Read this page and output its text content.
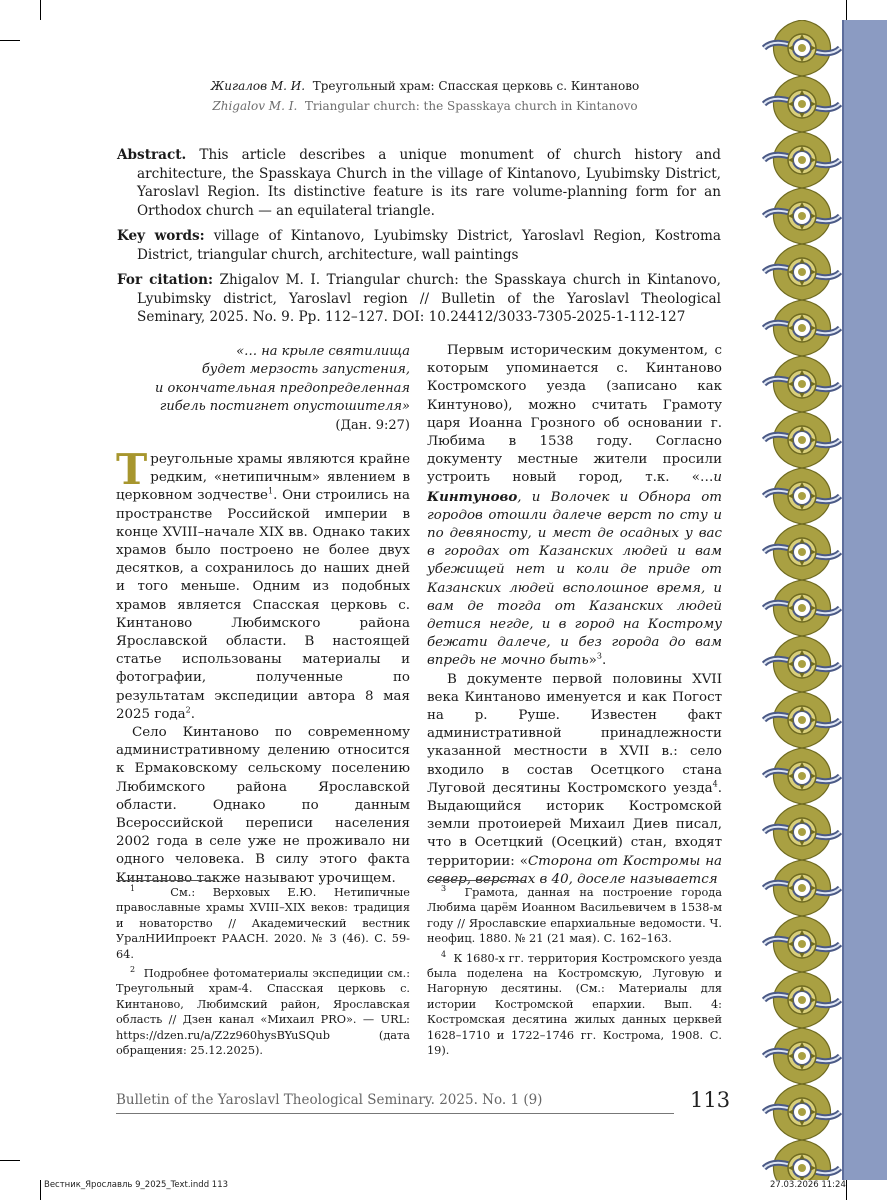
Жигалов М. И. Треугольный храм: Спасская церковь с. Кинтаново
Zhigalov M. I. Triangular church: the Spasskaya church in Kintanovo

Abstract. This article describes a unique monument of church history and architecture, the Spasskaya Church in the village of Kintanovo, Lyubimsky District, Yaroslavl Region. Its distinctive feature is its rare volume-planning form for an Orthodox church — an equilateral triangle.

Key words: village of Kintanovo, Lyubimsky District, Yaroslavl Region, Kostroma District, triangular church, architecture, wall paintings

For citation: Zhigalov M. I. Triangular church: the Spasskaya church in Kintanovo, Lyubimsky district, Yaroslavl region // Bulletin of the Yaroslavl Theological Seminary, 2025. No. 9. Pp. 112–127. DOI: 10.24412/3033-7305-2025-1-112-127

«… на крыле святилища
будет мерзость запустения,
и окончательная предопределенная
гибель постигнет опустошителя»
(Дан. 9:27)

Треугольные храмы являются крайне редким, «нетипичным» явлением в церковном зодчестве$^1$. Они строились на пространстве Российской империи в конце XVIII–начале XIX вв. Однако таких храмов было построено не более двух десятков, а сохранилось до наших дней и того меньше. Одним из подобных храмов является Спасская церковь с. Кинтаново Любимского района Ярославской области. В настоящей статье использованы материалы и фотографии, полученные по результатам экспедиции автора 8 мая 2025 года$^2$.

Село Кинтаново по современному административному делению относится к Ермаковскому сельскому поселению Любимского района Ярославской области. Однако по данным Всероссийской переписи населения 2002 года в селе уже не проживало ни одного человека. В силу этого факта Кинтаново также называют урочищем.

Первым историческим документом, с которым упоминается с. Кинтаново Костромского уезда (записано как Кинтуново), можно считать Грамоту царя Иоанна Грозного об основании г. Любима в 1538 году. Согласно документу местные жители просили устроить новый город, т.к. «…и Кинтуново, и Волочек и Обнора от городов отошли далече верст по сту и по девяносту, и мест де осадных у вас в городах от Казанских людей и вам убежищей нет и коли де приде от Казанских людей всполошное время, и вам де тогда от Казанских людей детися негде, и в город на Кострому бежати далече, и без города до вам впредь не мочно быть»$^3$.

В документе первой половины XVII века Кинтаново именуется и как Погост на р. Руше. Известен факт административной принадлежности указанной местности в XVII в.: село входило в состав Осетцкого стана Луговой десятины Костромского уезда$^4$. Выдающийся историк Костромской земли протоиерей Михаил Диев писал, что в Осетцкий (Осецкий) стан, входят территории: «Сторона от Костромы на север, верстах в 40, доселе называется

$^1$	См.: Верховых Е.Ю. Нетипичные православные храмы XVIII–XIX веков: традиция и новаторство // Академический вестник УралНИИпроект РААСН. 2020. № 3 (46). С. 59-64.

$^2$ Подробнее фотоматериалы экспедиции см.: Треугольный храм-4. Спасская церковь с. Кинтаново, Любимский район, Ярославская область // Дзен канал «Михаил PRO». — URL: https://dzen.ru/a/Z2z960hysBYuSQub (дата обращения: 25.12.2025).

$^3$ Грамота, данная на построение города Любима царём Иоанном Васильевичем в 1538-м году // Ярославские епархиальные ведомости. Ч. неофиц. 1880. № 21 (21 мая). С. 162–163.

$^4$ К 1680-х гг. территория Костромского уезда была поделена на Костромскую, Луговую и Нагорную десятины. (См.: Материалы для истории Костромской епархии. Вып. 4: Костромская десятина жилых данных церквей 1628–1710 и 1722–1746 гг. Кострома, 1908. С. 19).

Bulletin of the Yaroslavl Theological Seminary. 2025. No. 1 (9)	113
Вестник_Ярославль 9_2025_Text.indd 113	27.03.2026 11:24
